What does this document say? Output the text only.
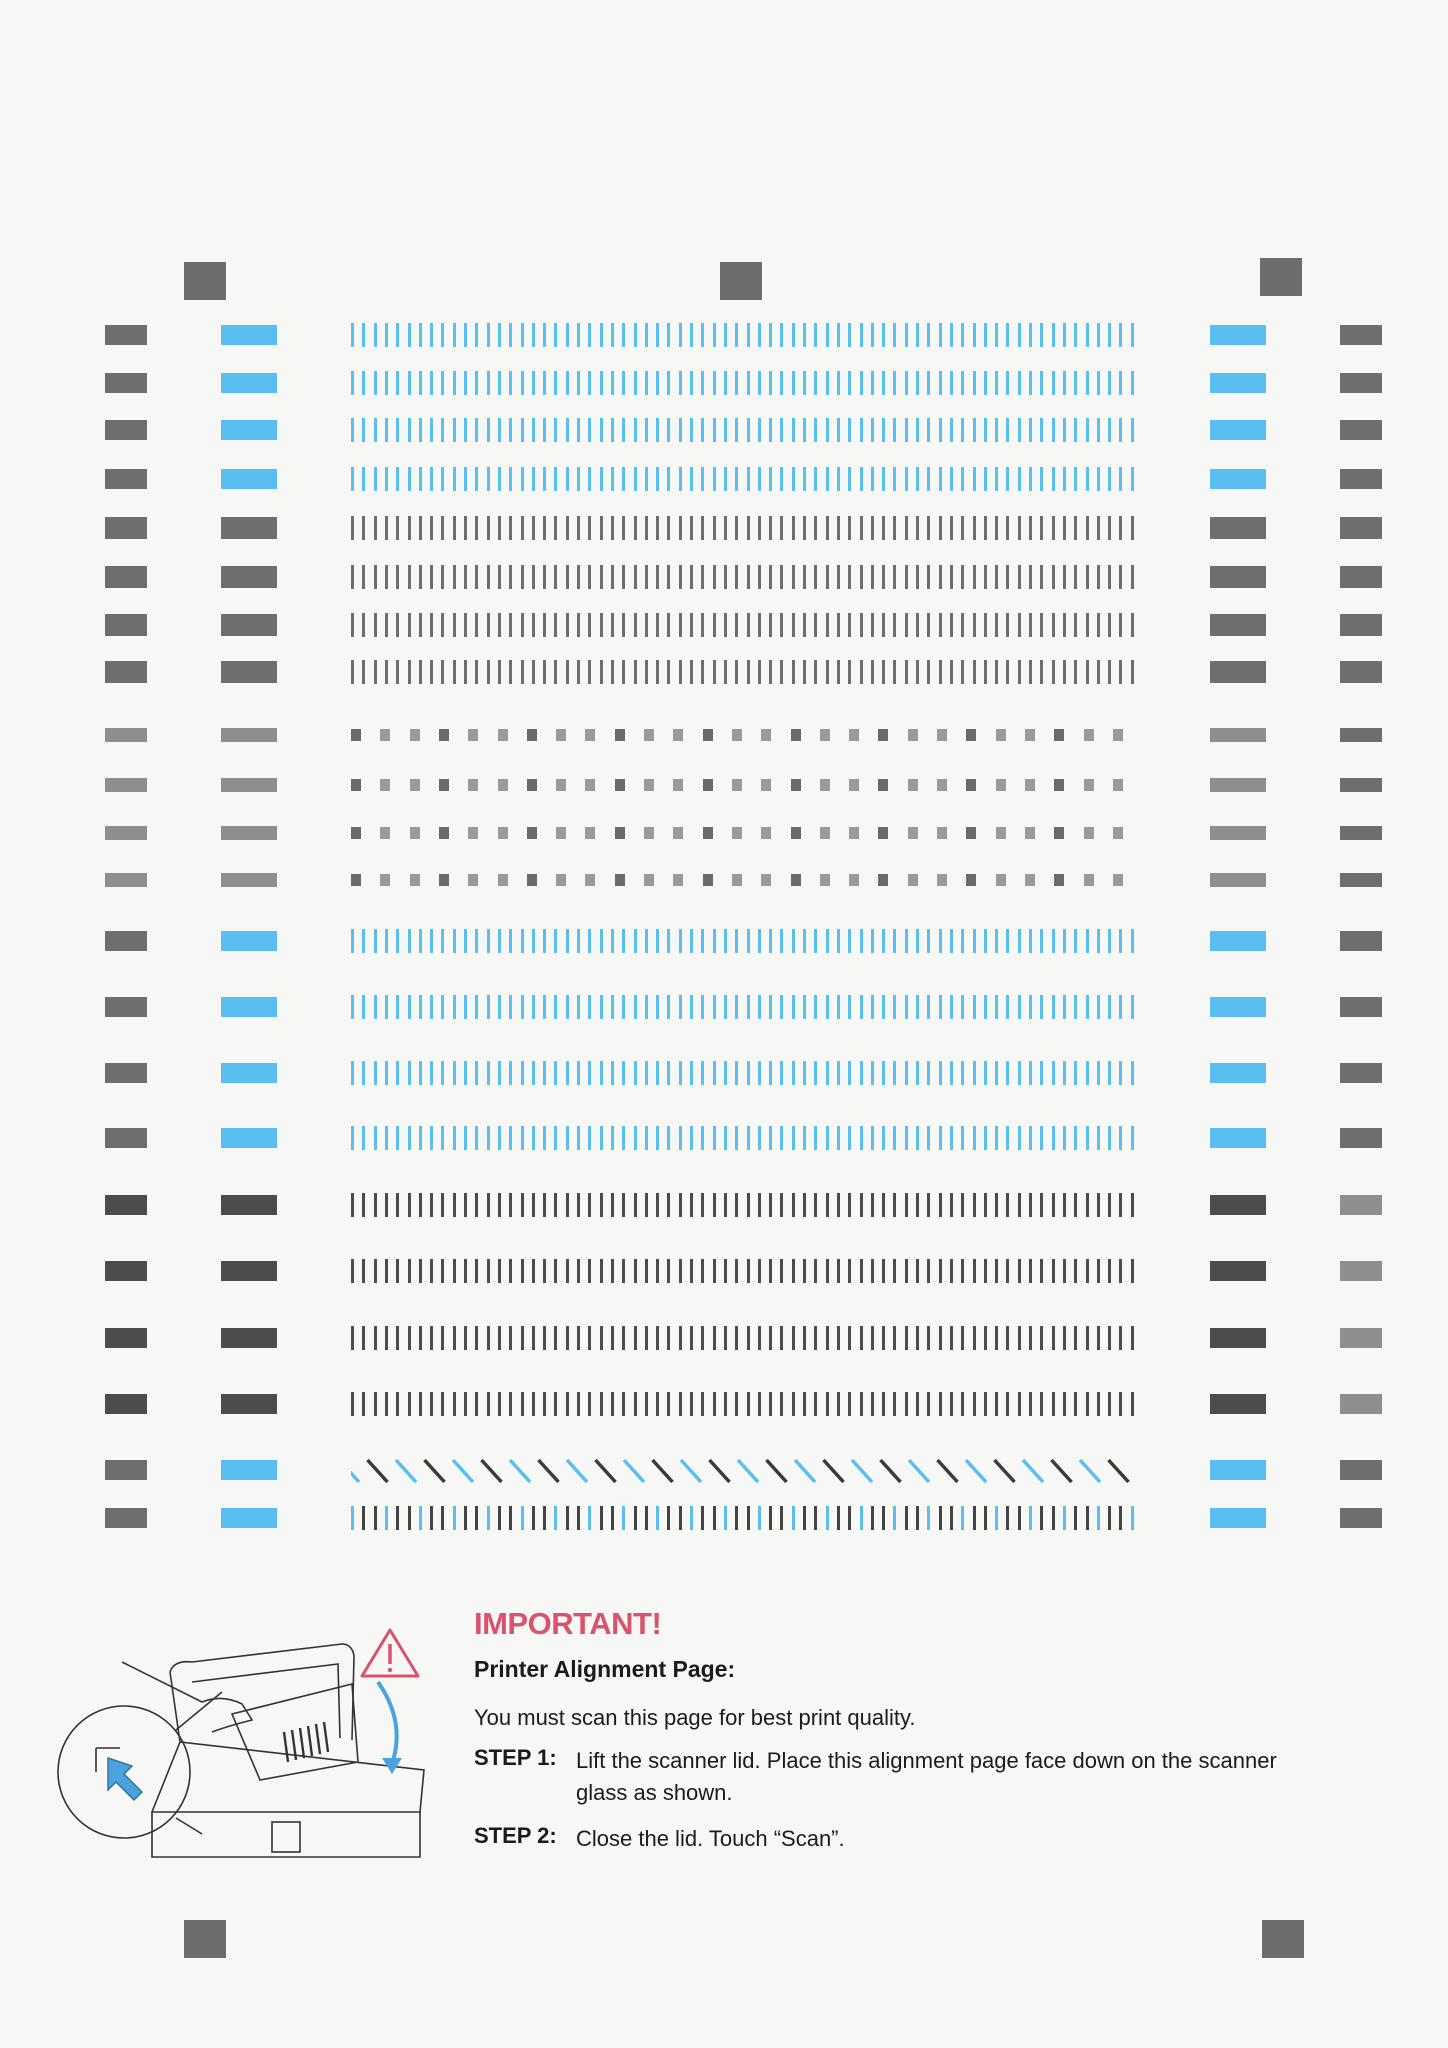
IMPORTANT!
Printer Alignment Page:
You must scan this page for best print quality.
STEP 1: Lift the scanner lid. Place this alignment page face down on the scanner glass as shown.
STEP 2: Close the lid. Touch “Scan”.
